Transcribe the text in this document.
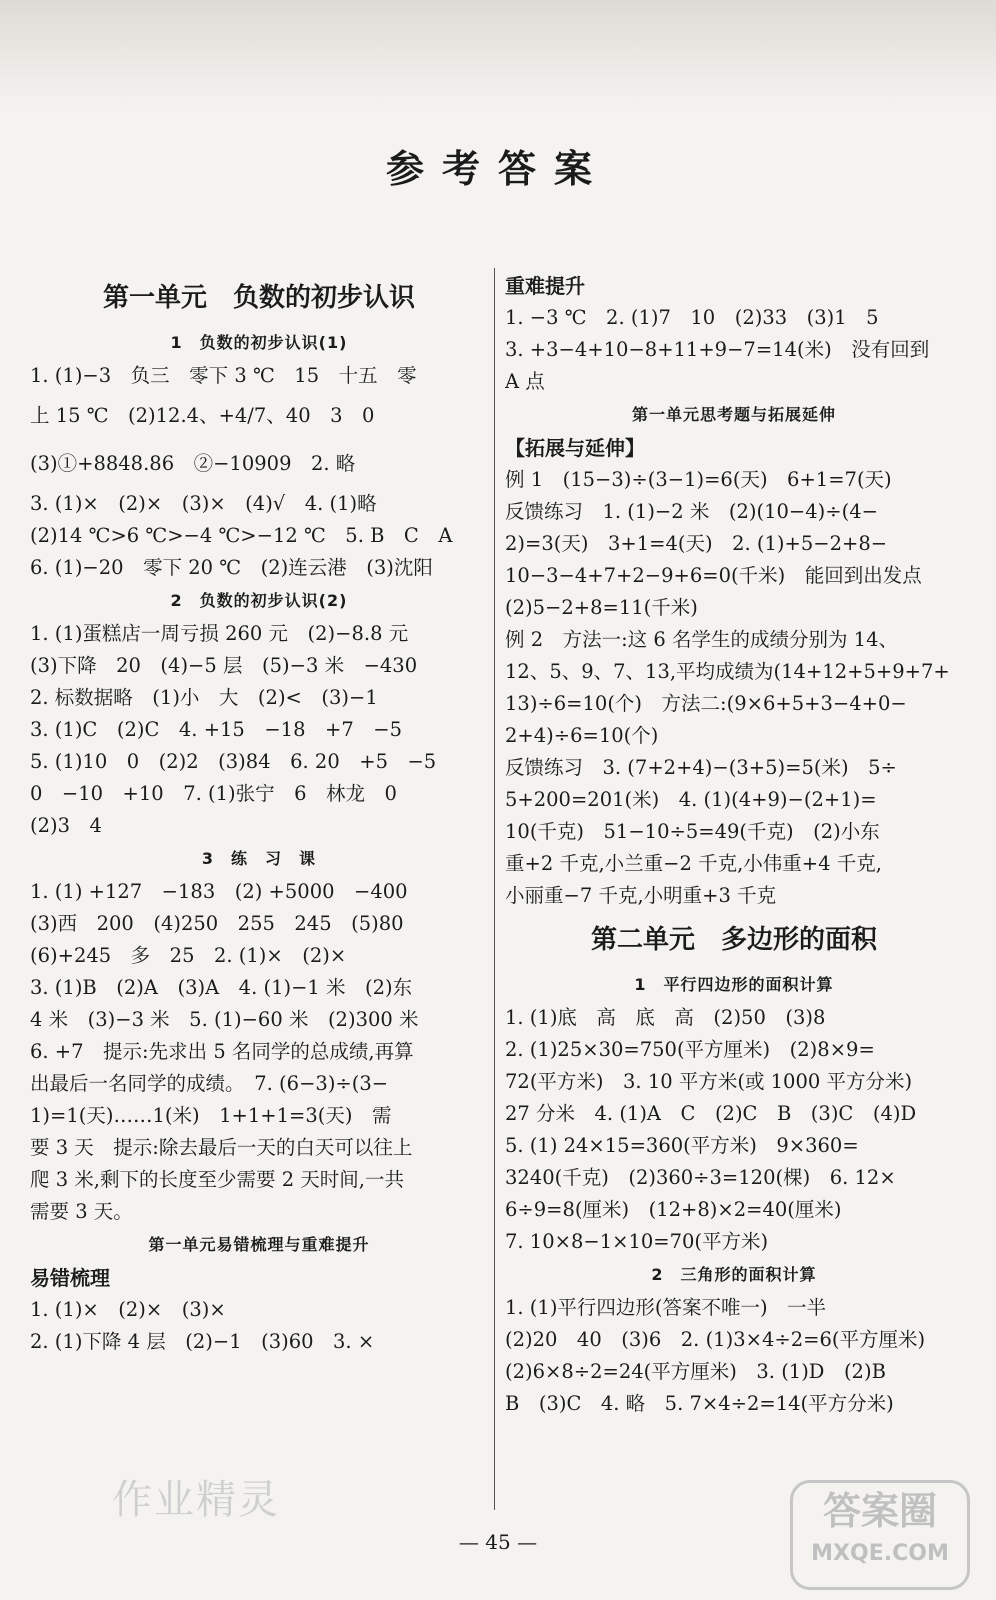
参考答案
第一单元　负数的初步认识
1　负数的初步认识(1)
1. (1)−3　负三　零下 3 ℃　15　十五　零
上 15 ℃　(2)12.4、+4/7、40　3　0
(3)①+8848.86　②−10909　2. 略
3. (1)×　(2)×　(3)×　(4)√　4. (1)略
(2)14 ℃>6 ℃>−4 ℃>−12 ℃　5. B　C　A
6. (1)−20　零下 20 ℃　(2)连云港　(3)沈阳
2　负数的初步认识(2)
1. (1)蛋糕店一周亏损 260 元　(2)−8.8 元
(3)下降　20　(4)−5 层　(5)−3 米　−430
2. 标数据略　(1)小　大　(2)<　(3)−1
3. (1)C　(2)C　4. +15　−18　+7　−5
5. (1)10　0　(2)2　(3)84　6. 20　+5　−5
0　−10　+10　7. (1)张宁　6　林龙　0
(2)3　4
3　练　习　课
1. (1) +127　−183　(2) +5000　−400
(3)西　200　(4)250　255　245　(5)80
(6)+245　多　25　2. (1)×　(2)×
3. (1)B　(2)A　(3)A　4. (1)−1 米　(2)东
4 米　(3)−3 米　5. (1)−60 米　(2)300 米
6. +7　提示:先求出 5 名同学的总成绩,再算
出最后一名同学的成绩。　7. (6−3)÷(3−
1)=1(天)……1(米)　1+1+1=3(天)　需
要 3 天　提示:除去最后一天的白天可以往上
爬 3 米,剩下的长度至少需要 2 天时间,一共
需要 3 天。
第一单元易错梳理与重难提升
易错梳理
1. (1)×　(2)×　(3)×
2. (1)下降 4 层　(2)−1　(3)60　3. ×
重难提升
1. −3 ℃　2. (1)7　10　(2)33　(3)1　5
3. +3−4+10−8+11+9−7=14(米)　没有回到
A 点
第一单元思考题与拓展延伸
【拓展与延伸】
例 1　(15−3)÷(3−1)=6(天)　6+1=7(天)
反馈练习　1. (1)−2 米　(2)(10−4)÷(4−
2)=3(天)　3+1=4(天)　2. (1)+5−2+8−
10−3−4+7+2−9+6=0(千米)　能回到出发点
(2)5−2+8=11(千米)
例 2　方法一:这 6 名学生的成绩分别为 14、
12、5、9、7、13,平均成绩为(14+12+5+9+7+
13)÷6=10(个)　方法二:(9×6+5+3−4+0−
2+4)÷6=10(个)
反馈练习　3. (7+2+4)−(3+5)=5(米)　5÷
5+200=201(米)　4. (1)(4+9)−(2+1)=
10(千克)　51−10÷5=49(千克)　(2)小东
重+2 千克,小兰重−2 千克,小伟重+4 千克,
小丽重−7 千克,小明重+3 千克
第二单元　多边形的面积
1　平行四边形的面积计算
1. (1)底　高　底　高　(2)50　(3)8
2. (1)25×30=750(平方厘米)　(2)8×9=
72(平方米)　3. 10 平方米(或 1000 平方分米)
27 分米　4. (1)A　C　(2)C　B　(3)C　(4)D
5. (1) 24×15=360(平方米)　9×360=
3240(千克)　(2)360÷3=120(棵)　6. 12×
6÷9=8(厘米)　(12+8)×2=40(厘米)
7. 10×8−1×10=70(平方米)
2　三角形的面积计算
1. (1)平行四边形(答案不唯一)　一半
(2)20　40　(3)6　2. (1)3×4÷2=6(平方厘米)
(2)6×8÷2=24(平方厘米)　3. (1)D　(2)B
B　(3)C　4. 略　5. 7×4÷2=14(平方分米)
— 45 —
作业精灵	答案圈
MXQE.COM
